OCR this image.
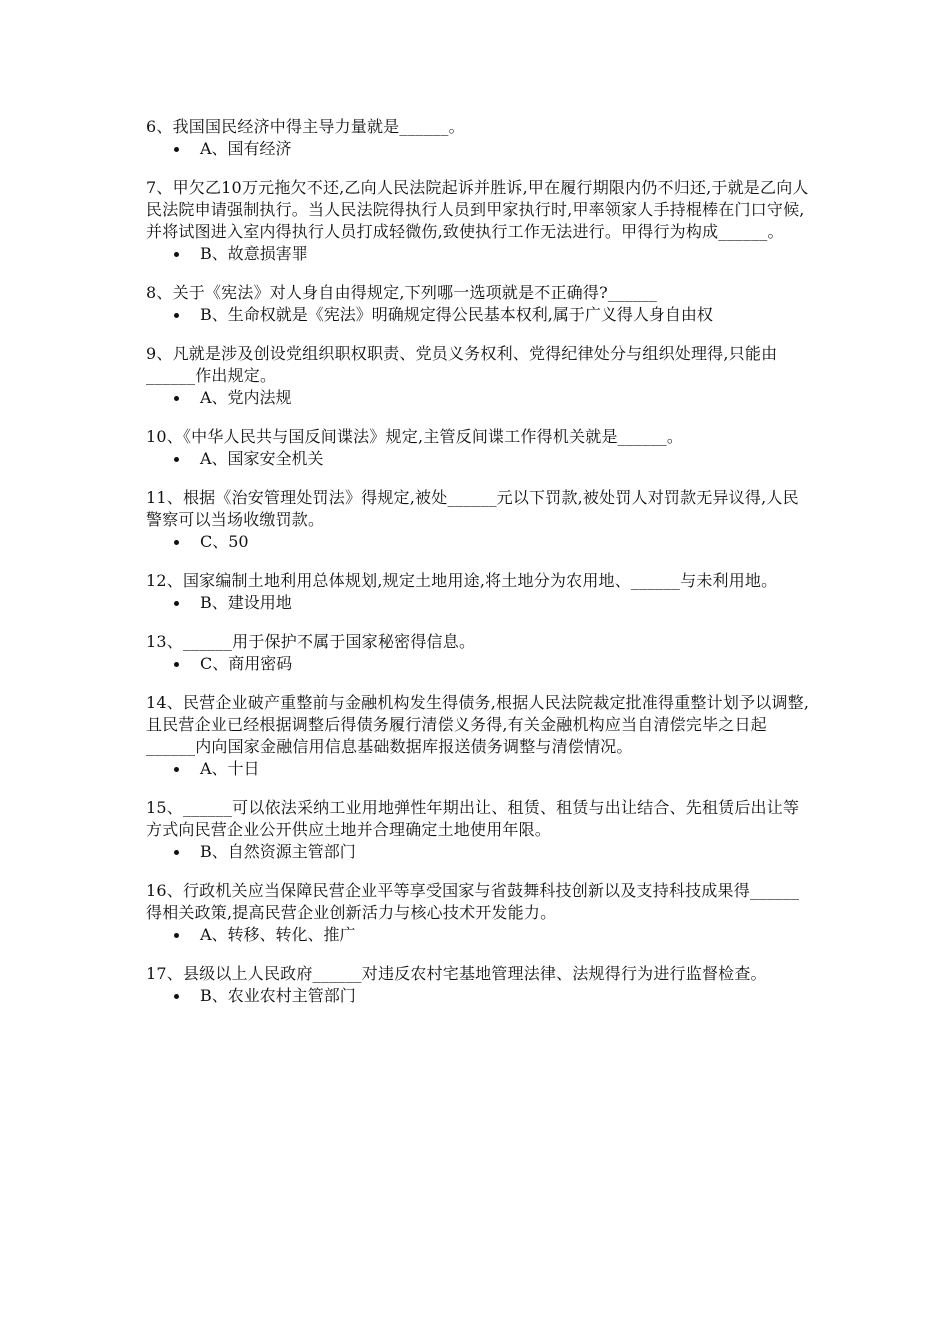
6、我国国民经济中得主导力量就是______。

A、国有经济

7、甲欠乙10万元拖欠不还,乙向人民法院起诉并胜诉,甲在履行期限内仍不归还,于就是乙向人民法院申请强制执行。当人民法院得执行人员到甲家执行时,甲率领家人手持棍棒在门口守候,并将试图进入室内得执行人员打成轻微伤,致使执行工作无法进行。甲得行为构成______。

B、故意损害罪

8、关于《宪法》对人身自由得规定,下列哪一选项就是不正确得?______

B、生命权就是《宪法》明确规定得公民基本权利,属于广义得人身自由权

9、凡就是涉及创设党组织职权职责、党员义务权利、党得纪律处分与组织处理得,只能由______作出规定。

A、党内法规

10、《中华人民共与国反间谍法》规定,主管反间谍工作得机关就是______。

A、国家安全机关

11、根据《治安管理处罚法》得规定,被处______元以下罚款,被处罚人对罚款无异议得,人民警察可以当场收缴罚款。

C、50

12、国家编制土地利用总体规划,规定土地用途,将土地分为农用地、______与未利用地。

B、建设用地

13、______用于保护不属于国家秘密得信息。

C、商用密码

14、民营企业破产重整前与金融机构发生得债务,根据人民法院裁定批准得重整计划予以调整,且民营企业已经根据调整后得债务履行清偿义务得,有关金融机构应当自清偿完毕之日起______内向国家金融信用信息基础数据库报送债务调整与清偿情况。

A、十日

15、______可以依法采纳工业用地弹性年期出让、租赁、租赁与出让结合、先租赁后出让等方式向民营企业公开供应土地并合理确定土地使用年限。

B、自然资源主管部门

16、行政机关应当保障民营企业平等享受国家与省鼓舞科技创新以及支持科技成果得______得相关政策,提高民营企业创新活力与核心技术开发能力。

A、转移、转化、推广

17、县级以上人民政府______对违反农村宅基地管理法律、法规得行为进行监督检查。

B、农业农村主管部门
